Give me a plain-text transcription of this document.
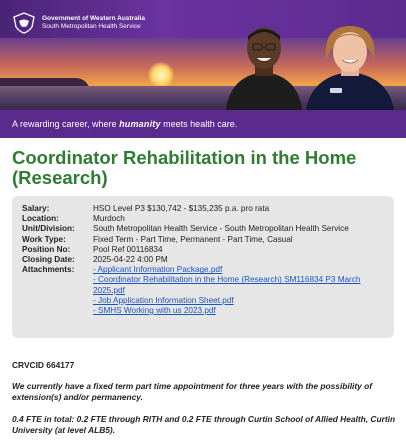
Government of Western Australia
South Metropolitan Health Service
A rewarding career, where humanity meets health care.
Coordinator Rehabilitation in the Home (Research)
Salary:	HSO Level P3 $130,742 - $135,235 p.a. pro rata
Location:	Murdoch
Unit/Division:	South Metropolitan Health Service - South Metropolitan Health Service
Work Type:	Fixed Term - Part Time, Permanent - Part Time, Casual
Position No:	Pool Ref 00116834
Closing Date:	2025-04-22 4:00 PM
Attachments:	- Applicant Information Package.pdf
- Coordinator Rehabilitation in the Home (Research) SM116834 P3 March 2025.pdf
- Job Application Information Sheet.pdf
- SMHS Working with us 2023.pdf
CRVCID 664177

We currently have a fixed term part time appointment for three years with the possibility of extension(s) and/or permanency.

0.4 FTE in total: 0.2 FTE through RITH and 0.2 FTE through Curtin School of Allied Health, Curtin University (at level ALB5).
